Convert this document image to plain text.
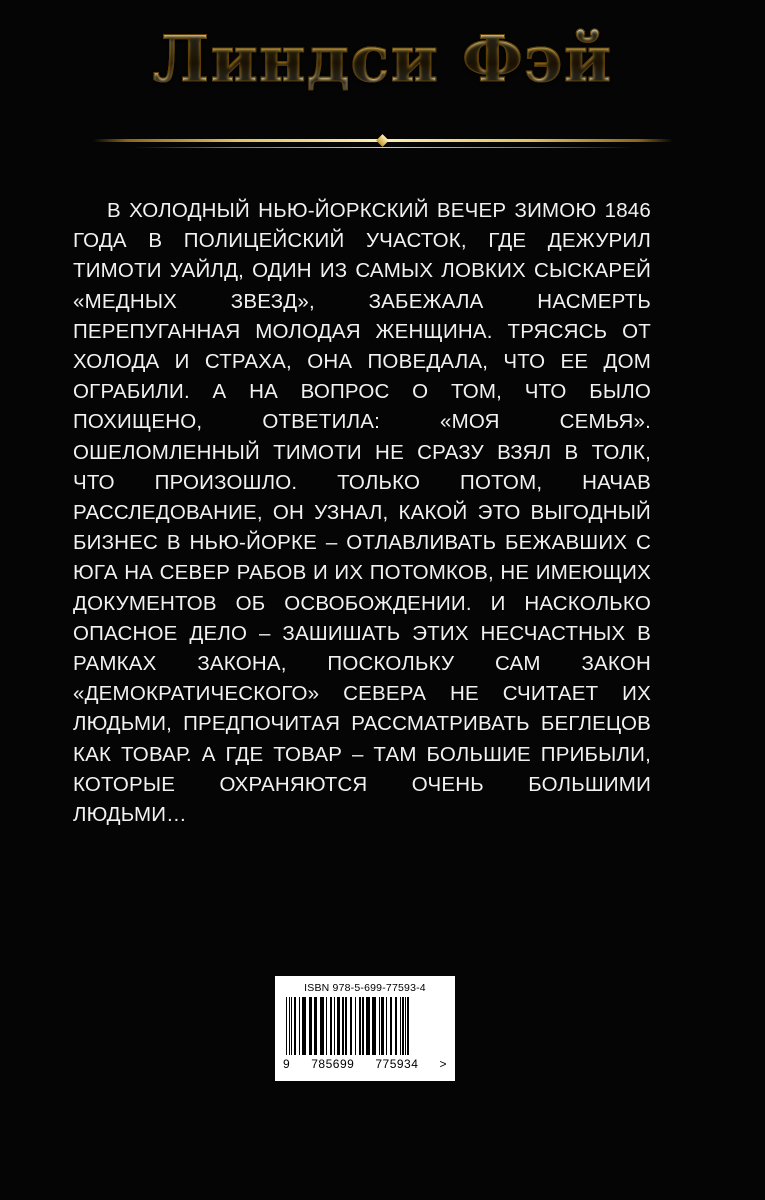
Линдси Фэй

В ХОЛОДНЫЙ НЬЮ-ЙОРКСКИЙ ВЕЧЕР ЗИМОЮ 1846 ГОДА В ПОЛИЦЕЙСКИЙ УЧАСТОК, ГДЕ ДЕЖУРИЛ ТИМОТИ УАЙЛД, ОДИН ИЗ САМЫХ ЛОВКИХ СЫСКАРЕЙ «МЕДНЫХ ЗВЕЗД», ЗАБЕЖАЛА НАСМЕРТЬ ПЕРЕПУГАННАЯ МОЛОДАЯ ЖЕНЩИНА. ТРЯСЯСЬ ОТ ХОЛОДА И СТРАХА, ОНА ПОВЕДАЛА, ЧТО ЕЕ ДОМ ОГРАБИЛИ. А НА ВОПРОС О ТОМ, ЧТО БЫЛО ПОХИЩЕНО, ОТВЕТИЛА: «МОЯ СЕМЬЯ». ОШЕЛОМЛЕННЫЙ ТИМОТИ НЕ СРАЗУ ВЗЯЛ В ТОЛК, ЧТО ПРОИЗОШЛО. ТОЛЬКО ПОТОМ, НАЧАВ РАССЛЕДОВАНИЕ, ОН УЗНАЛ, КАКОЙ ЭТО ВЫГОДНЫЙ БИЗНЕС В НЬЮ-ЙОРКЕ – ОТЛАВЛИВАТЬ БЕЖАВШИХ С ЮГА НА СЕВЕР РАБОВ И ИХ ПОТОМКОВ, НЕ ИМЕЮЩИХ ДОКУМЕНТОВ ОБ ОСВОБОЖДЕНИИ. И НАСКОЛЬКО ОПАСНОЕ ДЕЛО – ЗАШИШАТЬ ЭТИХ НЕСЧАСТНЫХ В РАМКАХ ЗАКОНА, ПОСКОЛЬКУ САМ ЗАКОН «ДЕМОКРАТИЧЕСКОГО» СЕВЕРА НЕ СЧИТАЕТ ИХ ЛЮДЬМИ, ПРЕДПОЧИТАЯ РАССМАТРИВАТЬ БЕГЛЕЦОВ КАК ТОВАР. А ГДЕ ТОВАР – ТАМ БОЛЬШИЕ ПРИБЫЛИ, КОТОРЫЕ ОХРАНЯЮТСЯ ОЧЕНЬ БОЛЬШИМИ ЛЮДЬМИ…

ISBN 978-5-699-77593-4
9 785699 775934 >
